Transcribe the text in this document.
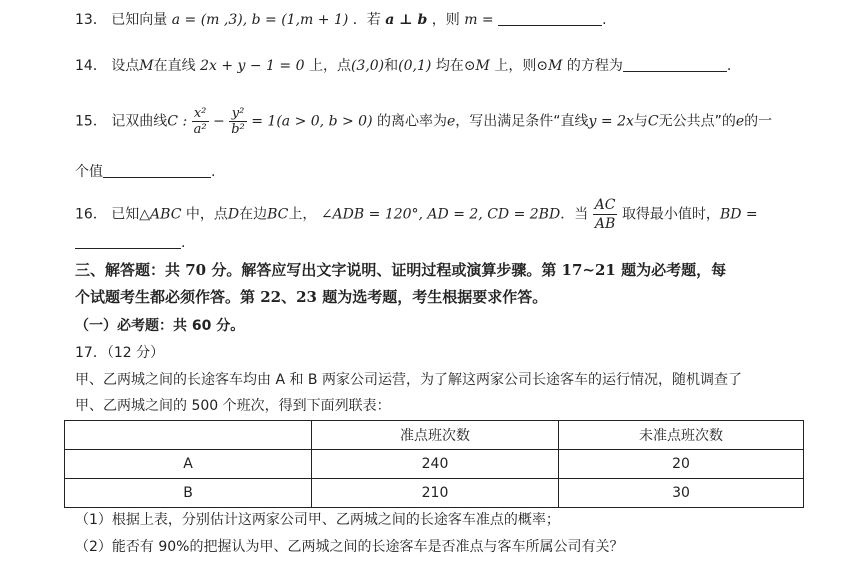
13． 已知向量 a = (m ,3), b = (1,m + 1) ．若 a ⊥ b ，则 m =	.
14． 设点M在直线 2x + y − 1 = 0 上，点(3,0)和(0,1) 均在⊙M 上，则⊙M 的方程为	.
15． 记双曲线C : $\frac{\text{x²}}{\text{a²}} - \frac{\text{y²}}{\text{b²}} = 1(a > 0$, b > 0) 的离心率为e，写出满足条件“直线y = 2x与C无公共点”的e的一
个值	.
16． 已知△ABC 中，点D在边BC上， ∠ADB = 120°, AD = 2, CD = 2BD．当 $\frac{AC}{AB}$ 取得最小值时，BD =
.
三、解答题：共 70 分。解答应写出文字说明、证明过程或演算步骤。第 17~21 题为必考题，每
个试题考生都必须作答。第 22、23 题为选考题，考生根据要求作答。
（一）必考题：共 60 分。
17．（12 分）
甲、乙两城之间的长途客车均由 A 和 B 两家公司运营，为了解这两家公司长途客车的运行情况，随机调查了
甲、乙两城之间的 500 个班次，得到下面列联表：
	准点班次数	未准点班次数
A	240	20
B	210	30
（1）根据上表，分别估计这两家公司甲、乙两城之间的长途客车准点的概率；
（2）能否有 90%的把握认为甲、乙两城之间的长途客车是否准点与客车所属公司有关？
